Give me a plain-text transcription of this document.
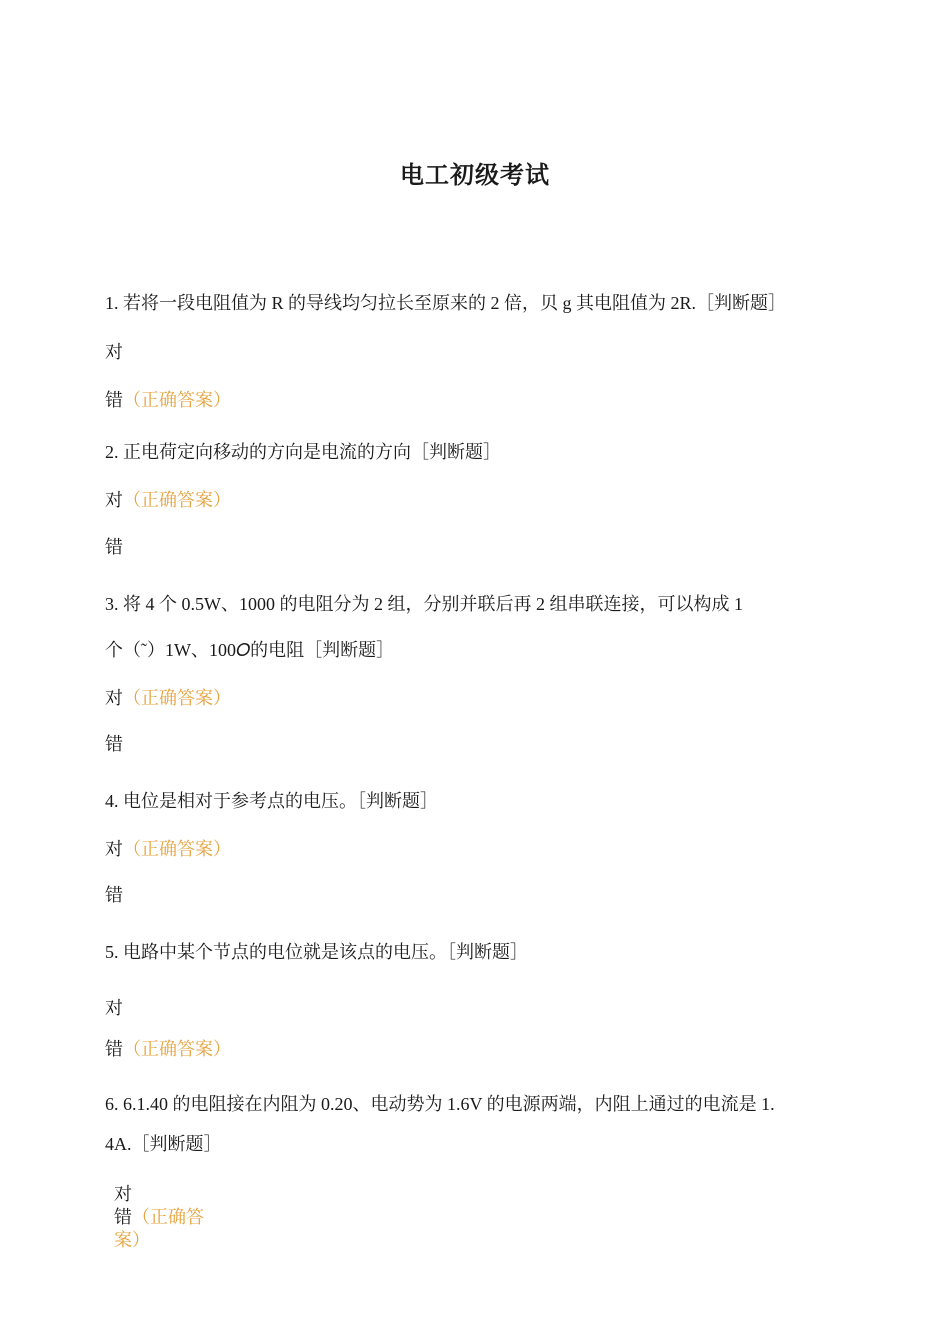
电工初级考试
1. 若将一段电阻值为 R 的导线均匀拉长至原来的 2 倍，贝 g 其电阻值为 2R.［判断题］
对
错（正确答案）
2. 正电荷定向移动的方向是电流的方向［判断题］
对（正确答案）
错
3. 将 4 个 0.5W、1000 的电阻分为 2 组，分别并联后再 2 组串联连接，可以构成 1
个（˜）1W、100𝛰的电阻［判断题］
对（正确答案）
错
4. 电位是相对于参考点的电压。［判断题］
对（正确答案）
错
5. 电路中某个节点的电位就是该点的电压。［判断题］
对
错（正确答案）
6. 6.1.40 的电阻接在内阻为 0.20、电动势为 1.6V 的电源两端，内阻上通过的电流是 1.
4A.［判断题］
对
错（正确答
案）
